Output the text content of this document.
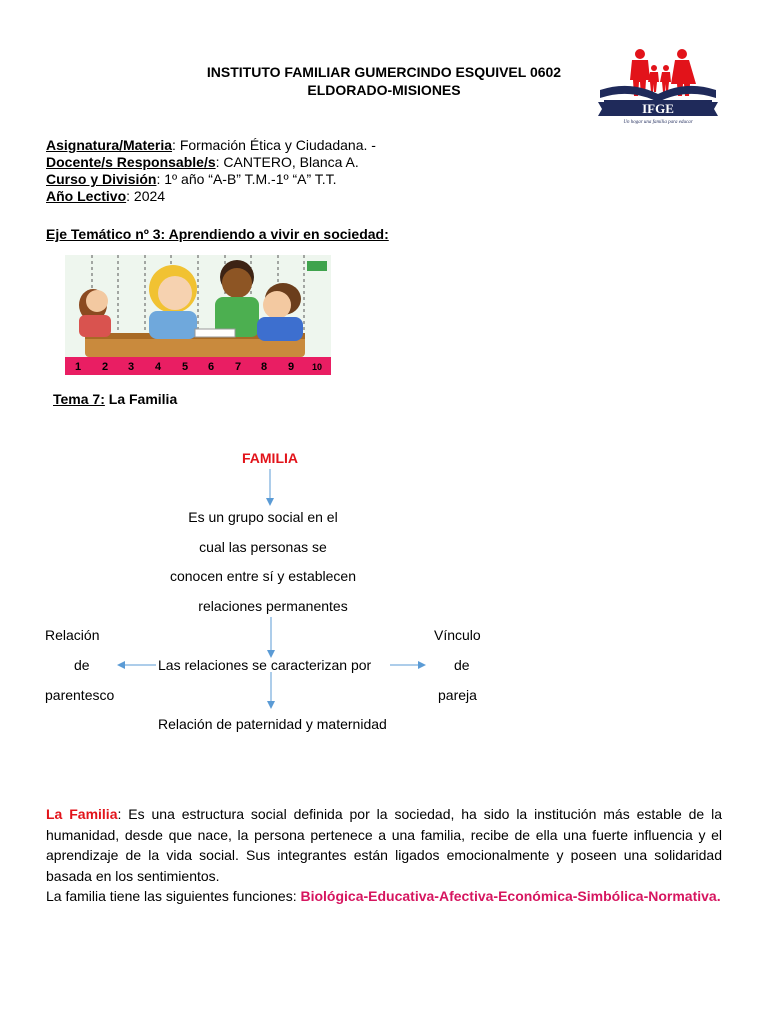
INSTITUTO FAMILIAR GUMERCINDO ESQUIVEL 0602
ELDORADO-MISIONES
IFGE
Un hogar una familia para educar
Asignatura/Materia: Formación Ética y Ciudadana. -
Docente/s Responsable/s: CANTERO, Blanca A.
Curso y División: 1º año “A-B” T.M.-1º “A” T.T.
Año Lectivo: 2024
Eje Temático nº 3: Aprendiendo a vivir en sociedad:
1 2 3 4 5 6 7 8 9 10
Tema 7: La Familia
FAMILIA
Es un grupo social en el
cual las personas se
conocen entre sí y establecen
relaciones permanentes
Las relaciones se caracterizan por
Relación
de
parentesco
Vínculo
de
pareja
Relación de paternidad y maternidad
La Familia: Es una estructura social definida por la sociedad, ha sido la institución más estable de la humanidad, desde que nace, la persona pertenece a una familia, recibe de ella una fuerte influencia y el aprendizaje de la vida social. Sus integrantes están ligados emocionalmente y poseen una solidaridad basada en los sentimientos.
La familia tiene las siguientes funciones: Biológica-Educativa-Afectiva-Económica-Simbólica-Normativa.
